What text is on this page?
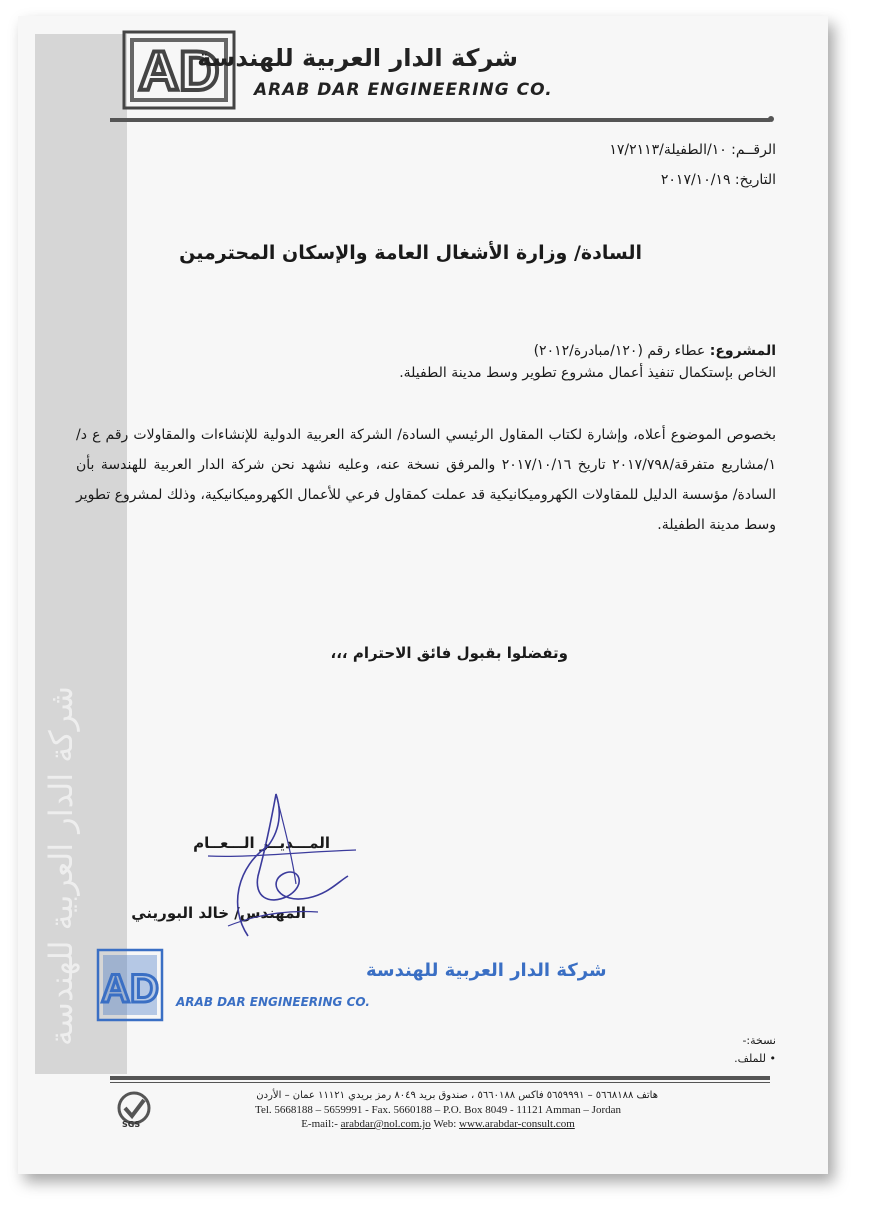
شركة الدار العربية للهندسة
AD
شركة الدار العربية للهندسة
ARAB DAR ENGINEERING CO.
الرقــم: ١٠/الطفيلة/١٧/٢١١٣
التاريخ: ٢٠١٧/١٠/١٩
السادة/ وزارة الأشغال العامة والإسكان المحترمين
المشروع: عطاء رقم (١٢٠/مبادرة/٢٠١٢)
الخاص بإستكمال تنفيذ أعمال مشروع تطوير وسط مدينة الطفيلة.
بخصوص الموضوع أعلاه، وإشارة لكتاب المقاول الرئيسي السادة/ الشركة العربية الدولية للإنشاءات والمقاولات رقم ع د/١/مشاريع متفرقة/٢٠١٧/٧٩٨ تاريخ ٢٠١٧/١٠/١٦ والمرفق نسخة عنه، وعليه نشهد نحن شركة الدار العربية للهندسة بأن السادة/ مؤسسة الدليل للمقاولات الكهروميكانيكية قد عملت كمقاول فرعي للأعمال الكهروميكانيكية، وذلك لمشروع تطوير وسط مدينة الطفيلة.
وتفضلوا بقبول فائق الاحترام ،،،
المـــديــر الـــعــام
المهندس/ خالد البوريني
AD	شركة الدار العربية للهندسة
ARAB DAR ENGINEERING CO.
نسخة:-
• للملف.
SGS
هاتف ٥٦٦٨١٨٨ – ٥٦٥٩٩٩١ فاكس ٥٦٦٠١٨٨ ، صندوق بريد ٨٠٤٩ رمز بريدي ١١١٢١ عمان – الأردن
Tel. 5668188 – 5659991 - Fax. 5660188 – P.O. Box 8049 - 11121 Amman – Jordan
E-mail:- arabdar@nol.com.jo Web: www.arabdar-consult.com
